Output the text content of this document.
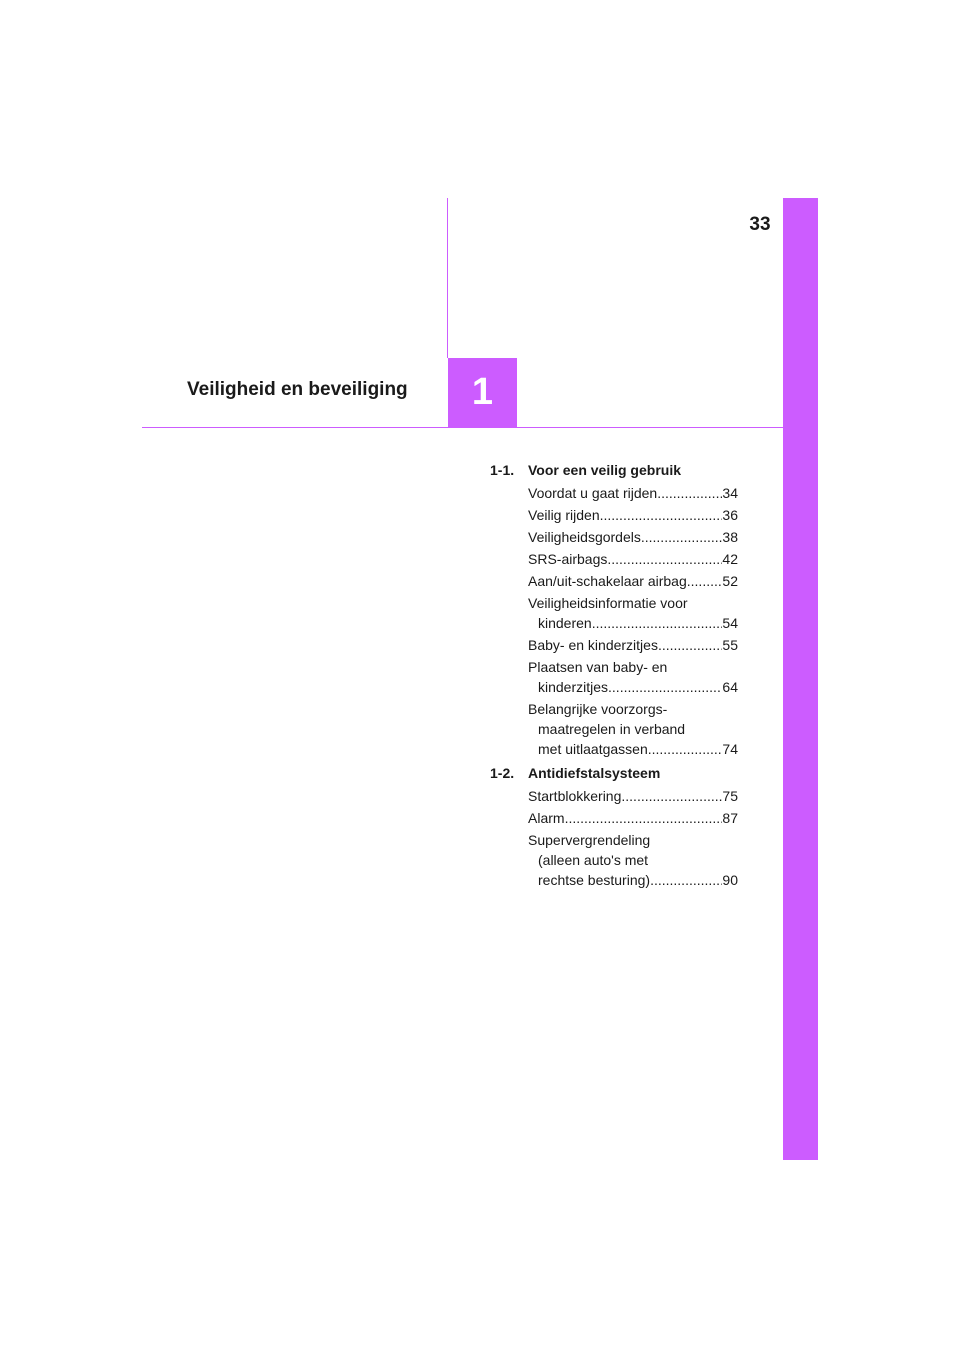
33
Veiligheid en beveiliging 1
1-1. Voor een veilig gebruik
Voordat u gaat rijden .....	34
Veilig rijden .....	36
Veiligheidsgordels .....	38
SRS-airbags .....	42
Aan/uit-schakelaar airbag .....	52
Veiligheidsinformatie voor
kinderen .....	54
Baby- en kinderzitjes .....	55
Plaatsen van baby- en
kinderzitjes .....	64
Belangrijke voorzorgs-
maatregelen in verband
met uitlaatgassen .....	74
1-2. Antidiefstalsysteem
Startblokkering .....	75
Alarm .....	87
Supervergrendeling
(alleen auto's met
rechtse besturing) .....	90
